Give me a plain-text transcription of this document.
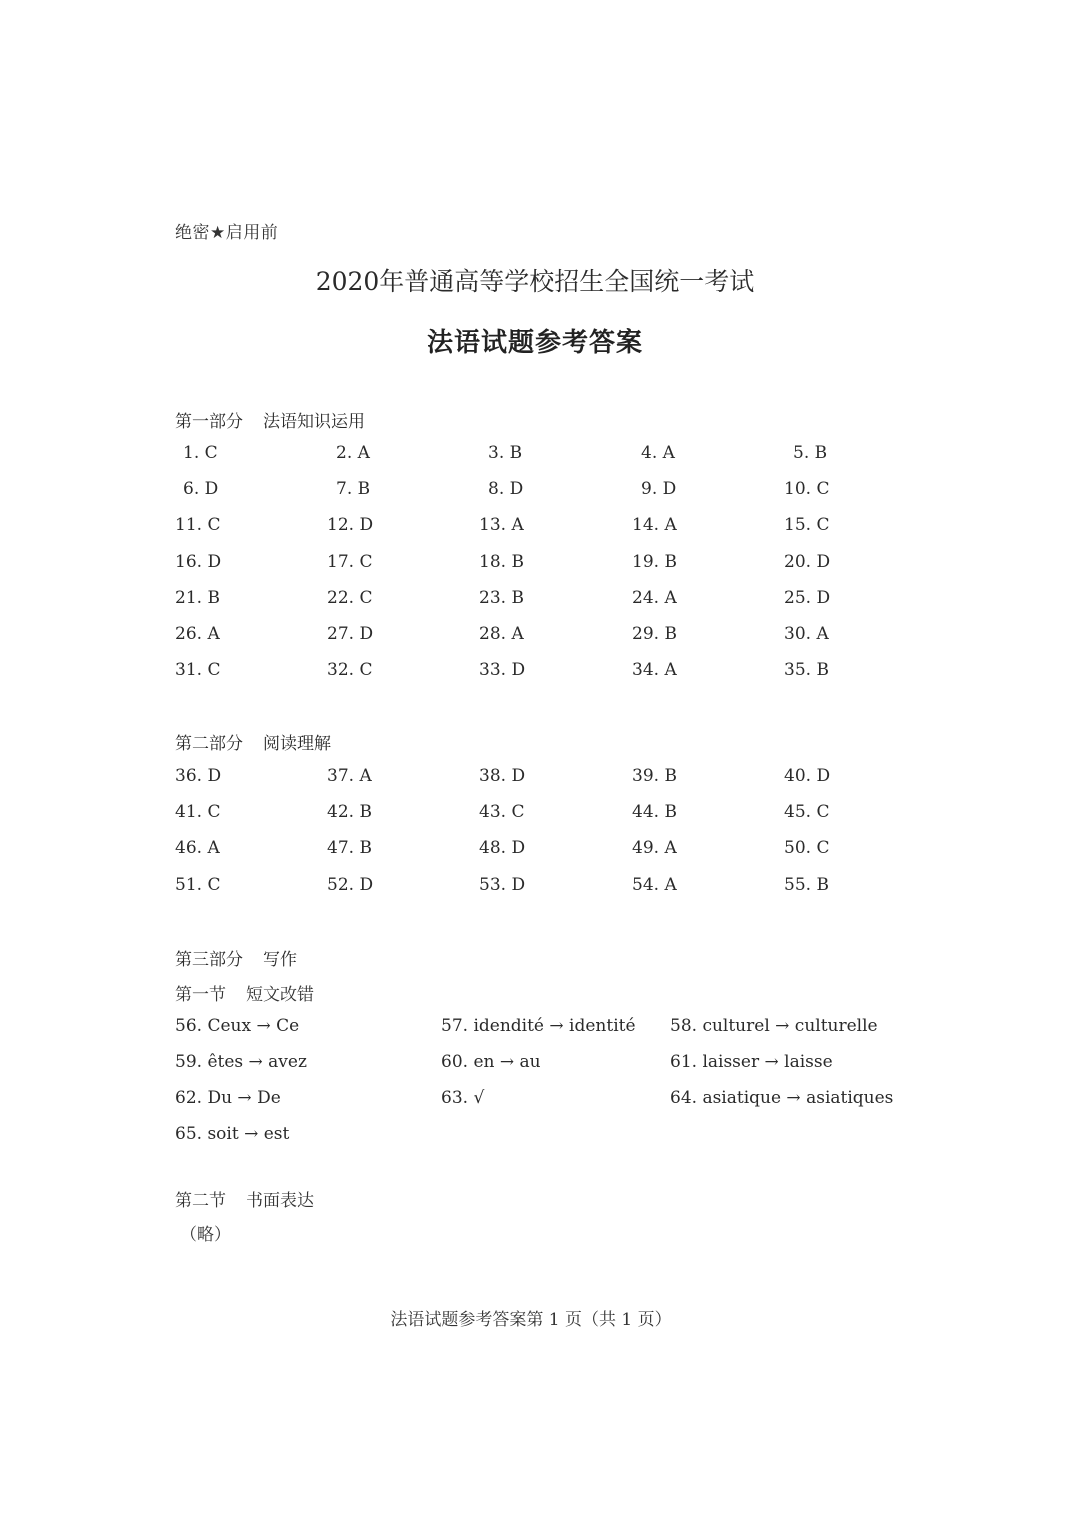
绝密★启用前
2020年普通高等学校招生全国统一考试
法语试题参考答案
第一部分 法语知识运用
1. C	2. A	3. B	4. A	5. B
6. D	7. B	8. D	9. D	10. C
11. C	12. D	13. A	14. A	15. C
16. D	17. C	18. B	19. B	20. D
21. B	22. C	23. B	24. A	25. D
26. A	27. D	28. A	29. B	30. A
31. C	32. C	33. D	34. A	35. B
第二部分 阅读理解
36. D	37. A	38. D	39. B	40. D
41. C	42. B	43. C	44. B	45. C
46. A	47. B	48. D	49. A	50. C
51. C	52. D	53. D	54. A	55. B
第三部分 写作
第一节 短文改错
56. Ceux → Ce	57. idendité → identité 58. culturel → culturelle
59. êtes → avez	60. en → au	61. laisser → laisse
62. Du → De	63. √	64. asiatique → asiatiques
65. soit → est
第二节 书面表达
（略）
法语试题参考答案第 1 页（共 1 页）
